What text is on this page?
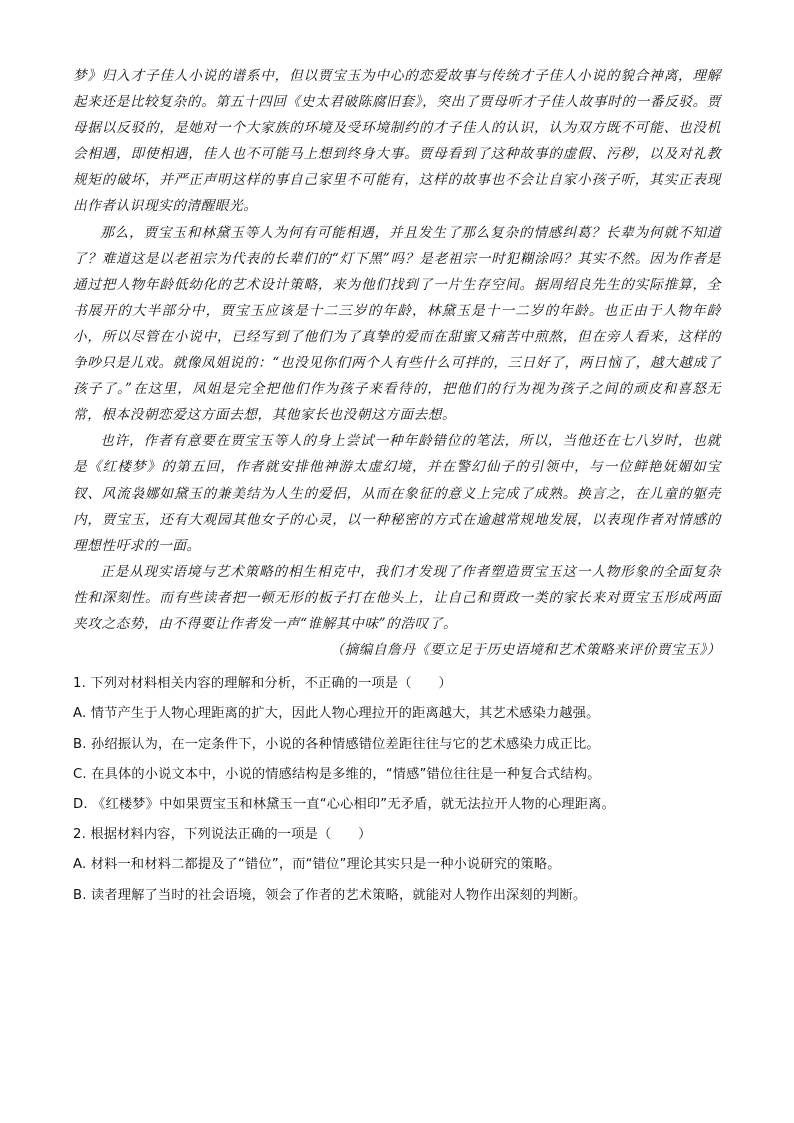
梦》归入才子佳人小说的谱系中，但以贾宝玉为中心的恋爱故事与传统才子佳人小说的貌合神离，理解起来还是比较复杂的。第五十四回《史太君破陈腐旧套》，突出了贾母听才子佳人故事时的一番反驳。贾母据以反驳的，是她对一个大家族的环境及受环境制约的才子佳人的认识，认为双方既不可能、也没机会相遇，即使相遇，佳人也不可能马上想到终身大事。贾母看到了这种故事的虚假、污秽，以及对礼教规矩的破坏，并严正声明这样的事自己家里不可能有，这样的故事也不会让自家小孩子听，其实正表现出作者认识现实的清醒眼光。

那么，贾宝玉和林黛玉等人为何有可能相遇，并且发生了那么复杂的情感纠葛？长辈为何就不知道了？难道这是以老祖宗为代表的长辈们的“灯下黑”吗？是老祖宗一时犯糊涂吗？其实不然。因为作者是通过把人物年龄低幼化的艺术设计策略，来为他们找到了一片生存空间。据周绍良先生的实际推算，全书展开的大半部分中，贾宝玉应该是十二三岁的年龄，林黛玉是十一二岁的年龄。也正由于人物年龄小，所以尽管在小说中，已经写到了他们为了真挚的爱而在甜蜜又痛苦中煎熬，但在旁人看来，这样的争吵只是儿戏。就像凤姐说的：“也没见你们两个人有些什么可拌的，三日好了，两日恼了，越大越成了孩子了。”在这里，凤姐是完全把他们作为孩子来看待的，把他们的行为视为孩子之间的顽皮和喜怒无常，根本没朝恋爱这方面去想，其他家长也没朝这方面去想。

也许，作者有意要在贾宝玉等人的身上尝试一种年龄错位的笔法，所以，当他还在七八岁时，也就是《红楼梦》的第五回，作者就安排他神游太虚幻境，并在警幻仙子的引领中，与一位鲜艳妩媚如宝钗、风流袅娜如黛玉的兼美结为人生的爱侣，从而在象征的意义上完成了成熟。换言之，在儿童的躯壳内，贾宝玉，还有大观园其他女子的心灵，以一种秘密的方式在逾越常规地发展，以表现作者对情感的理想性吁求的一面。

正是从现实语境与艺术策略的相生相克中，我们才发现了作者塑造贾宝玉这一人物形象的全面复杂性和深刻性。而有些读者把一顿无形的板子打在他头上，让自己和贾政一类的家长来对贾宝玉形成两面夹攻之态势，由不得要让作者发一声“谁解其中味”的浩叹了。

（摘编自詹丹《要立足于历史语境和艺术策略来评价贾宝玉》）

1. 下列对材料相关内容的理解和分析，不正确的一项是（　　）
A. 情节产生于人物心理距离的扩大，因此人物心理拉开的距离越大，其艺术感染力越强。
B. 孙绍振认为，在一定条件下，小说的各种情感错位差距往往与它的艺术感染力成正比。
C. 在具体的小说文本中，小说的情感结构是多维的，“情感”错位往往是一种复合式结构。
D. 《红楼梦》中如果贾宝玉和林黛玉一直“心心相印”无矛盾，就无法拉开人物的心理距离。
2. 根据材料内容，下列说法正确的一项是（　　）
A. 材料一和材料二都提及了“错位”，而“错位”理论其实只是一种小说研究的策略。
B. 读者理解了当时的社会语境，领会了作者的艺术策略，就能对人物作出深刻的判断。
